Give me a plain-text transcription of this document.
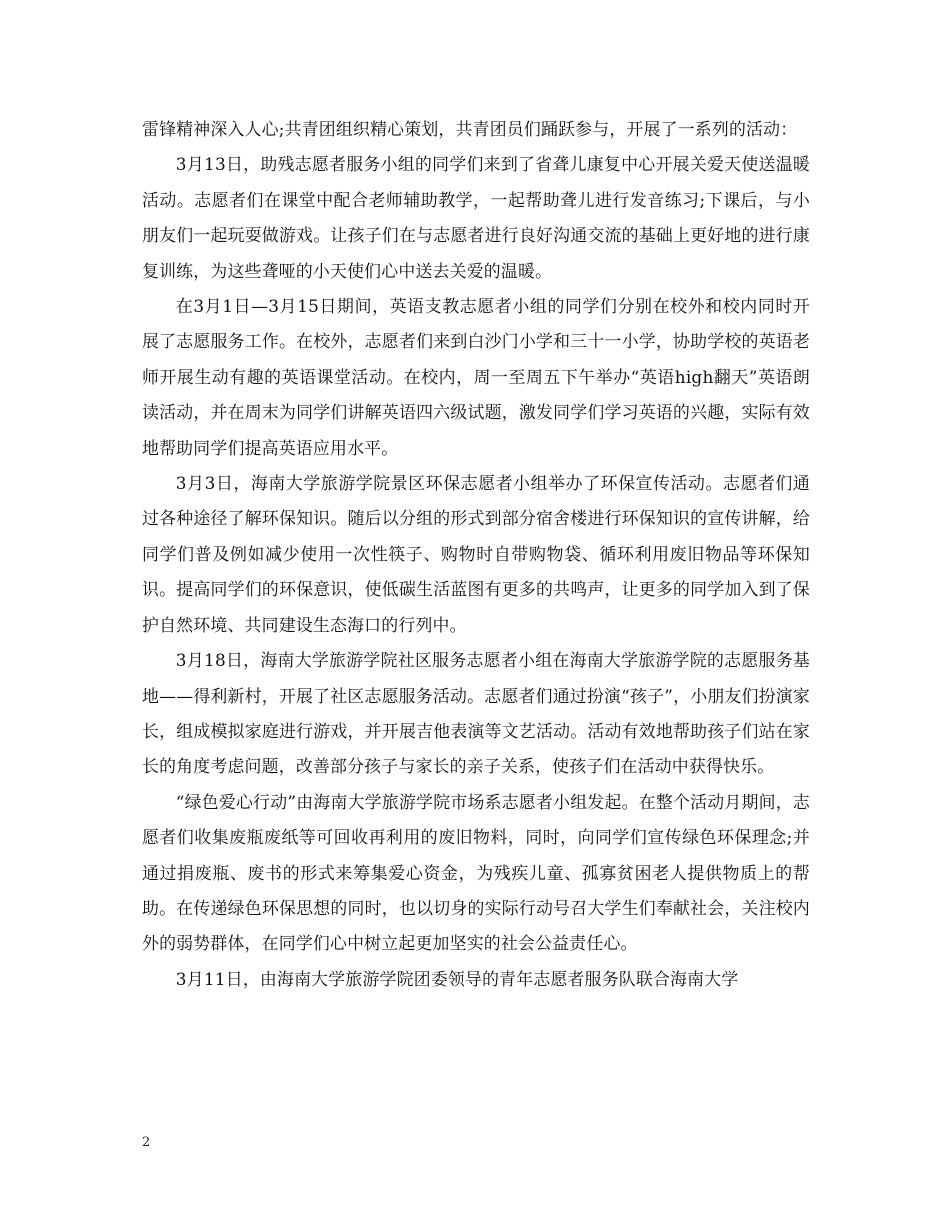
雷锋精神深入人心;共青团组织精心策划，共青团员们踊跃参与，开展了一系列的活动：

3月13日，助残志愿者服务小组的同学们来到了省聋儿康复中心开展关爱天使送温暖活动。志愿者们在课堂中配合老师辅助教学，一起帮助聋儿进行发音练习;下课后，与小朋友们一起玩耍做游戏。让孩子们在与志愿者进行良好沟通交流的基础上更好地的进行康复训练，为这些聋哑的小天使们心中送去关爱的温暖。

在3月1日—3月15日期间，英语支教志愿者小组的同学们分别在校外和校内同时开展了志愿服务工作。在校外，志愿者们来到白沙门小学和三十一小学，协助学校的英语老师开展生动有趣的英语课堂活动。在校内，周一至周五下午举办“英语high翻天”英语朗读活动，并在周末为同学们讲解英语四六级试题，激发同学们学习英语的兴趣，实际有效地帮助同学们提高英语应用水平。

3月3日，海南大学旅游学院景区环保志愿者小组举办了环保宣传活动。志愿者们通过各种途径了解环保知识。随后以分组的形式到部分宿舍楼进行环保知识的宣传讲解，给同学们普及例如减少使用一次性筷子、购物时自带购物袋、循环利用废旧物品等环保知识。提高同学们的环保意识，使低碳生活蓝图有更多的共鸣声，让更多的同学加入到了保护自然环境、共同建设生态海口的行列中。

3月18日，海南大学旅游学院社区服务志愿者小组在海南大学旅游学院的志愿服务基地——得利新村，开展了社区志愿服务活动。志愿者们通过扮演“孩子”，小朋友们扮演家长，组成模拟家庭进行游戏，并开展吉他表演等文艺活动。活动有效地帮助孩子们站在家长的角度考虑问题，改善部分孩子与家长的亲子关系，使孩子们在活动中获得快乐。

“绿色爱心行动”由海南大学旅游学院市场系志愿者小组发起。在整个活动月期间，志愿者们收集废瓶废纸等可回收再利用的废旧物料，同时，向同学们宣传绿色环保理念;并通过捐废瓶、废书的形式来筹集爱心资金，为残疾儿童、孤寡贫困老人提供物质上的帮助。在传递绿色环保思想的同时，也以切身的实际行动号召大学生们奉献社会，关注校内外的弱势群体，在同学们心中树立起更加坚实的社会公益责任心。

3月11日，由海南大学旅游学院团委领导的青年志愿者服务队联合海南大学

2
